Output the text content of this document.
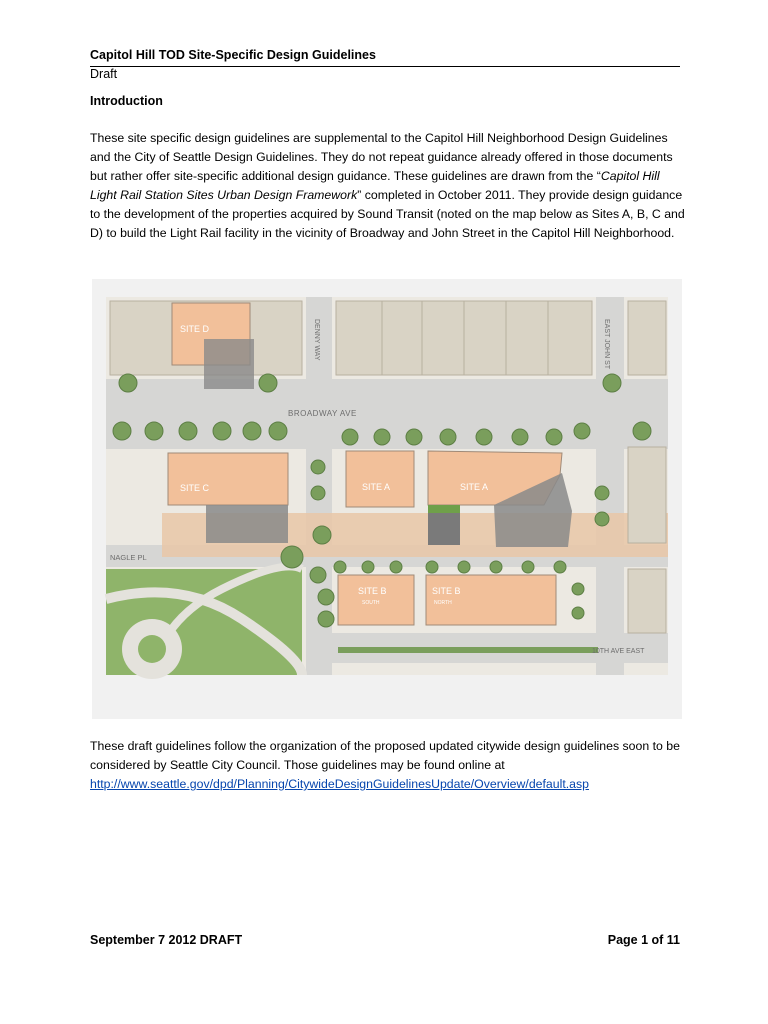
Capitol Hill TOD Site-Specific Design Guidelines
Draft
Introduction
These site specific design guidelines are supplemental to the Capitol Hill Neighborhood Design Guidelines and the City of Seattle Design Guidelines. They do not repeat guidance already offered in those documents but rather offer site-specific additional design guidance. These guidelines are drawn from the “Capitol Hill Light Rail Station Sites Urban Design Framework” completed in October 2011. They provide design guidance to the development of the properties acquired by Sound Transit (noted on the map below as Sites A, B, C and D) to build the Light Rail facility in the vicinity of Broadway and John Street in the Capitol Hill Neighborhood.
SITE D
SITE C	SITE A	SITE A
SITE B
SOUTH
SITE B
NORTH
BROADWAY AVE
DENNY WAY	EAST JOHN ST
NAGLE PL
10TH AVE EAST
These draft guidelines follow the organization of the proposed updated citywide design guidelines soon to be considered by Seattle City Council. Those guidelines may be found online at
http://www.seattle.gov/dpd/Planning/CitywideDesignGuidelinesUpdate/Overview/default.asp
September 7 2012 DRAFT	Page 1 of 11
